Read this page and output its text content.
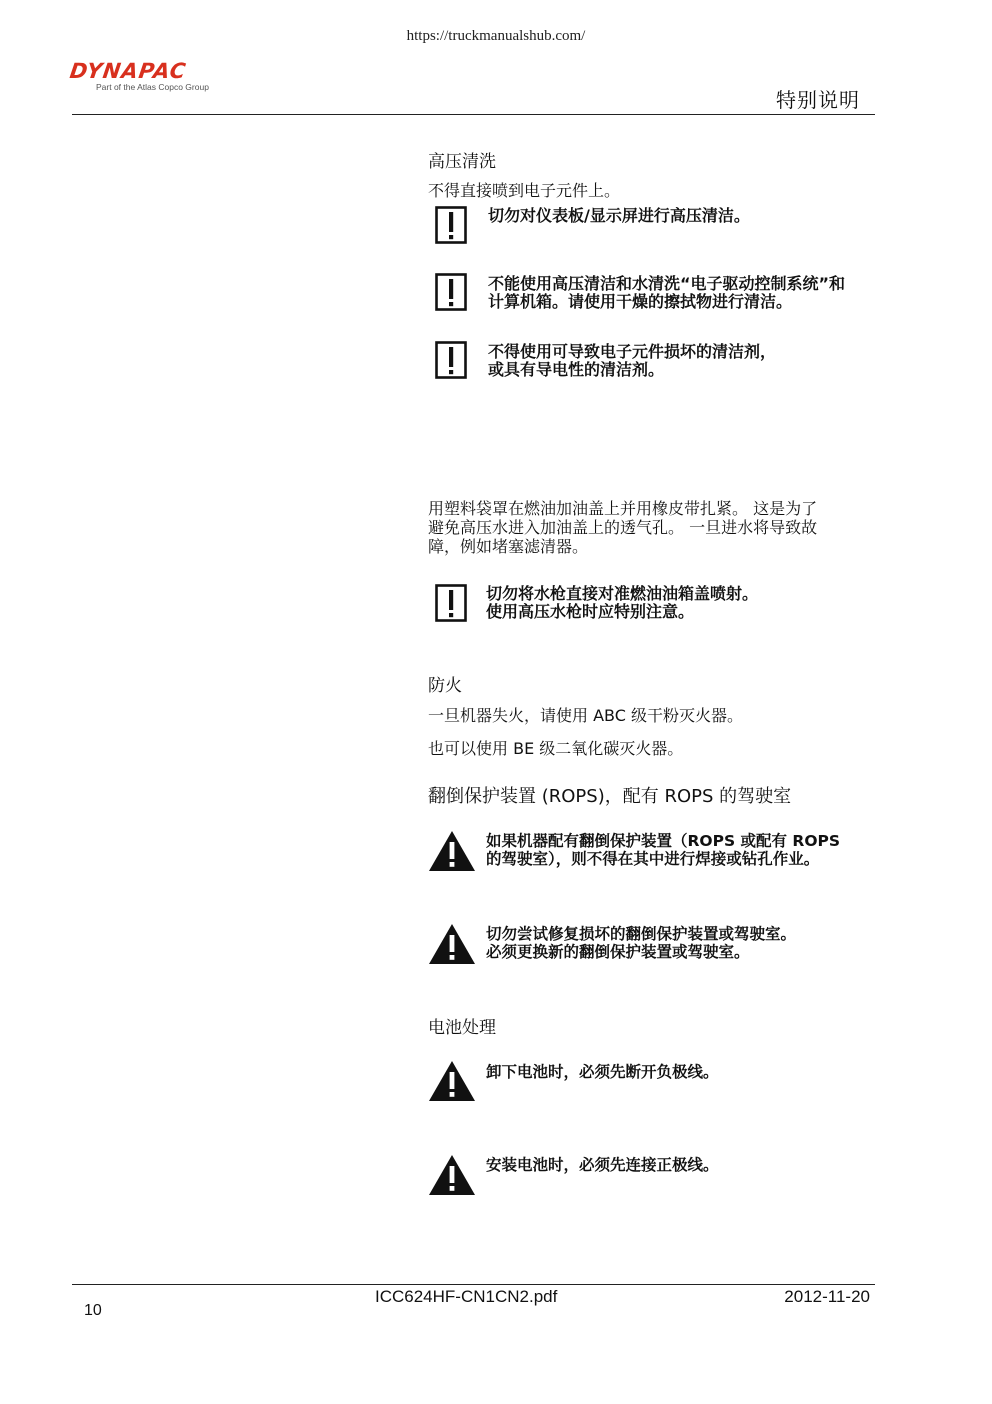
https://truckmanualshub.com/
DYNAPAC
Part of the Atlas Copco Group
特别说明
高压清洗
不得直接喷到电子元件上。
切勿对仪表板/显示屏进行高压清洁。
不能使用高压清洁和水清洗“电子驱动控制系统”和
计算机箱。请使用干燥的擦拭物进行清洁。
不得使用可导致电子元件损坏的清洁剂，
或具有导电性的清洁剂。
用塑料袋罩在燃油加油盖上并用橡皮带扎紧。 这是为了
避免高压水进入加油盖上的透气孔。 一旦进水将导致故
障，例如堵塞滤清器。
切勿将水枪直接对准燃油油箱盖喷射。
使用高压水枪时应特别注意。
防火
一旦机器失火，请使用 ABC 级干粉灭火器。
也可以使用 BE 级二氧化碳灭火器。
翻倒保护装置 (ROPS)，配有 ROPS 的驾驶室
如果机器配有翻倒保护装置（ROPS 或配有 ROPS
的驾驶室），则不得在其中进行焊接或钻孔作业。
切勿尝试修复损坏的翻倒保护装置或驾驶室。
必须更换新的翻倒保护装置或驾驶室。
电池处理
卸下电池时，必须先断开负极线。
安装电池时，必须先连接正极线。
ICC624HF-CN1CN2.pdf	2012-11-20
10
